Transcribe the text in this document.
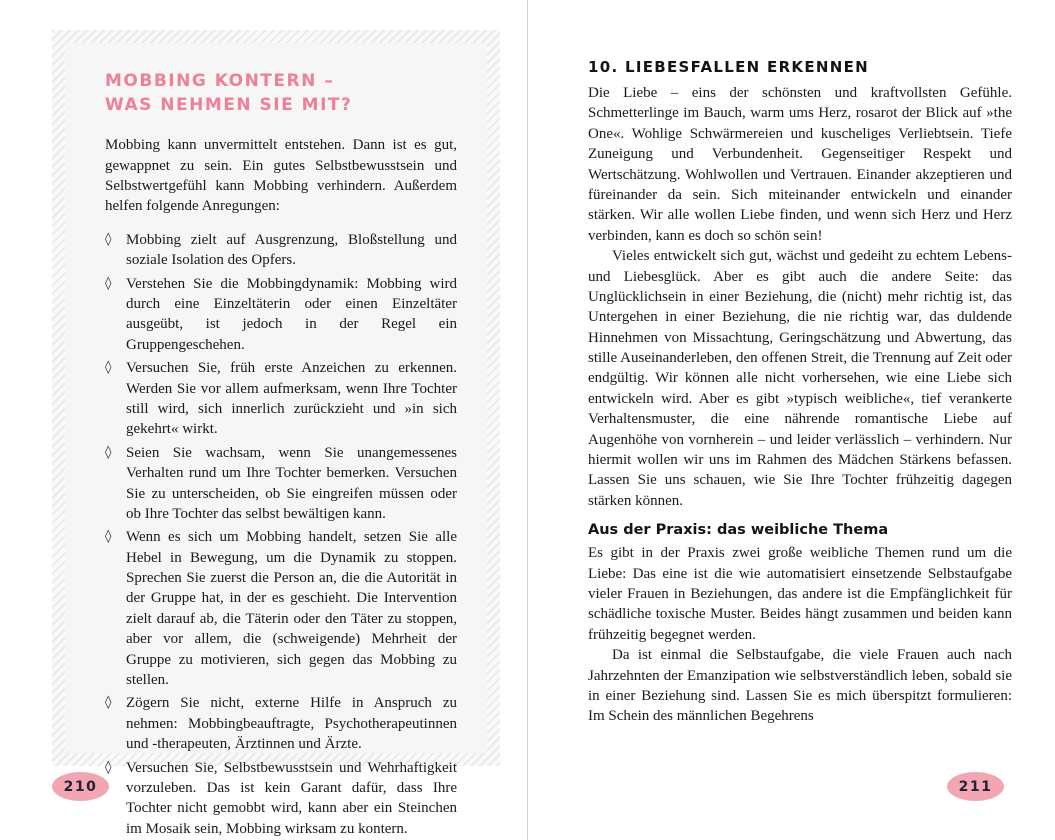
MOBBING KONTERN –
WAS NEHMEN SIE MIT?

Mobbing kann unvermittelt entstehen. Dann ist es gut, gewappnet zu sein. Ein gutes Selbstbewusstsein und Selbstwertgefühl kann Mobbing verhindern. Außerdem helfen folgende Anregungen:

◊ Mobbing zielt auf Ausgrenzung, Bloßstellung und soziale Isolation des Opfers.
◊ Verstehen Sie die Mobbingdynamik: Mobbing wird durch eine Einzeltäterin oder einen Einzeltäter ausgeübt, ist jedoch in der Regel ein Gruppengeschehen.
◊ Versuchen Sie, früh erste Anzeichen zu erkennen. Werden Sie vor allem aufmerksam, wenn Ihre Tochter still wird, sich innerlich zurückzieht und »in sich gekehrt« wirkt.
◊ Seien Sie wachsam, wenn Sie unangemessenes Verhalten rund um Ihre Tochter bemerken. Versuchen Sie zu unterscheiden, ob Sie eingreifen müssen oder ob Ihre Tochter das selbst bewältigen kann.
◊ Wenn es sich um Mobbing handelt, setzen Sie alle Hebel in Bewegung, um die Dynamik zu stoppen. Sprechen Sie zuerst die Person an, die die Autorität in der Gruppe hat, in der es geschieht. Die Intervention zielt darauf ab, die Täterin oder den Täter zu stoppen, aber vor allem, die (schweigende) Mehrheit der Gruppe zu motivieren, sich gegen das Mobbing zu stellen.
◊ Zögern Sie nicht, externe Hilfe in Anspruch zu nehmen: Mobbingbeauftragte, Psychotherapeutinnen und -therapeuten, Ärztinnen und Ärzte.
◊ Versuchen Sie, Selbstbewusstsein und Wehrhaftigkeit vorzuleben. Das ist kein Garant dafür, dass Ihre Tochter nicht gemobbt wird, kann aber ein Steinchen im Mosaik sein, Mobbing wirksam zu kontern.
210
10. LIEBESFALLEN ERKENNEN

Die Liebe – eins der schönsten und kraftvollsten Gefühle. Schmetterlinge im Bauch, warm ums Herz, rosarot der Blick auf »the One«. Wohlige Schwärmereien und kuscheliges Verliebtsein. Tiefe Zuneigung und Verbundenheit. Gegenseitiger Respekt und Wertschätzung. Wohlwollen und Vertrauen. Einander akzeptieren und füreinander da sein. Sich miteinander entwickeln und einander stärken. Wir alle wollen Liebe finden, und wenn sich Herz und Herz verbinden, kann es doch so schön sein!

Vieles entwickelt sich gut, wächst und gedeiht zu echtem Lebens- und Liebesglück. Aber es gibt auch die andere Seite: das Unglücklichsein in einer Beziehung, die (nicht) mehr richtig ist, das Untergehen in einer Beziehung, die nie richtig war, das duldende Hinnehmen von Missachtung, Geringschätzung und Abwertung, das stille Auseinanderleben, den offenen Streit, die Trennung auf Zeit oder endgültig. Wir können alle nicht vorhersehen, wie eine Liebe sich entwickeln wird. Aber es gibt »typisch weibliche«, tief verankerte Verhaltensmuster, die eine nährende romantische Liebe auf Augenhöhe von vornherein – und leider verlässlich – verhindern. Nur hiermit wollen wir uns im Rahmen des Mädchen Stärkens befassen. Lassen Sie uns schauen, wie Sie Ihre Tochter frühzeitig dagegen stärken können.

Aus der Praxis: das weibliche Thema

Es gibt in der Praxis zwei große weibliche Themen rund um die Liebe: Das eine ist die wie automatisiert einsetzende Selbstaufgabe vieler Frauen in Beziehungen, das andere ist die Empfänglichkeit für schädliche toxische Muster. Beides hängt zusammen und beiden kann frühzeitig begegnet werden.

Da ist einmal die Selbstaufgabe, die viele Frauen auch nach Jahrzehnten der Emanzipation wie selbstverständlich leben, sobald sie in einer Beziehung sind. Lassen Sie es mich überspitzt formulieren: Im Schein des männlichen Begehrens

211
